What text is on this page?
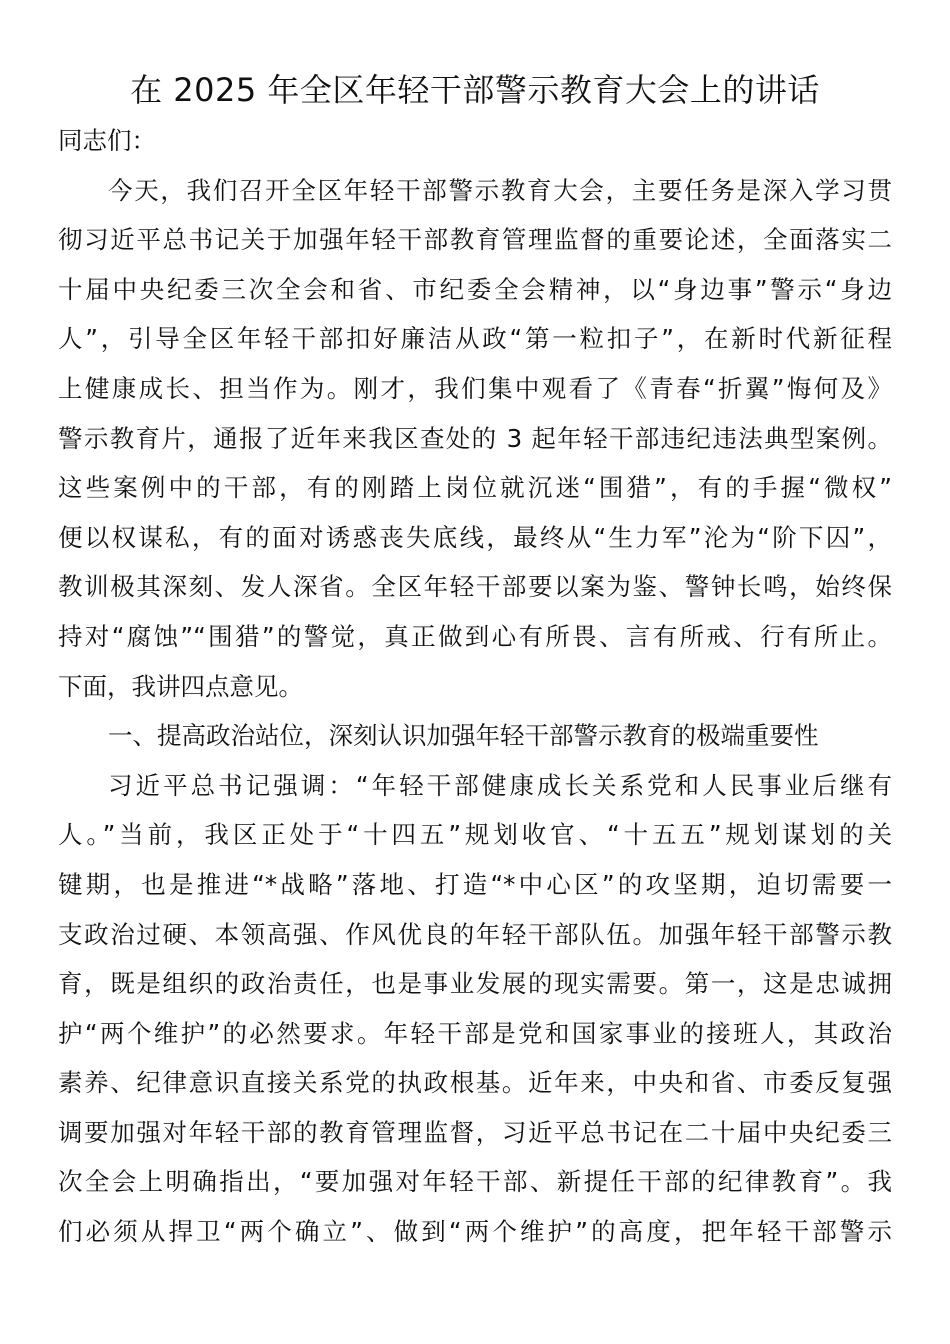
在 2025 年全区年轻干部警示教育大会上的讲话
同志们：
今天，我们召开全区年轻干部警示教育大会，主要任务是深入学习贯
彻习近平总书记关于加强年轻干部教育管理监督的重要论述，全面落实二
十届中央纪委三次全会和省、市纪委全会精神，以“身边事”警示“身边
人”，引导全区年轻干部扣好廉洁从政“第一粒扣子”，在新时代新征程
上健康成长、担当作为。刚才，我们集中观看了《青春“折翼”悔何及》
警示教育片，通报了近年来我区查处的 3 起年轻干部违纪违法典型案例。
这些案例中的干部，有的刚踏上岗位就沉迷“围猎”，有的手握“微权”
便以权谋私，有的面对诱惑丧失底线，最终从“生力军”沦为“阶下囚”，
教训极其深刻、发人深省。全区年轻干部要以案为鉴、警钟长鸣，始终保
持对“腐蚀”“围猎”的警觉，真正做到心有所畏、言有所戒、行有所止。
下面，我讲四点意见。
一、提高政治站位，深刻认识加强年轻干部警示教育的极端重要性
习近平总书记强调：“年轻干部健康成长关系党和人民事业后继有
人。”当前，我区正处于“十四五”规划收官、“十五五”规划谋划的关
键期，也是推进“*战略”落地、打造“*中心区”的攻坚期，迫切需要一
支政治过硬、本领高强、作风优良的年轻干部队伍。加强年轻干部警示教
育，既是组织的政治责任，也是事业发展的现实需要。第一，这是忠诚拥
护“两个维护”的必然要求。年轻干部是党和国家事业的接班人，其政治
素养、纪律意识直接关系党的执政根基。近年来，中央和省、市委反复强
调要加强对年轻干部的教育管理监督，习近平总书记在二十届中央纪委三
次全会上明确指出，“要加强对年轻干部、新提任干部的纪律教育”。我
们必须从捍卫“两个确立”、做到“两个维护”的高度，把年轻干部警示
